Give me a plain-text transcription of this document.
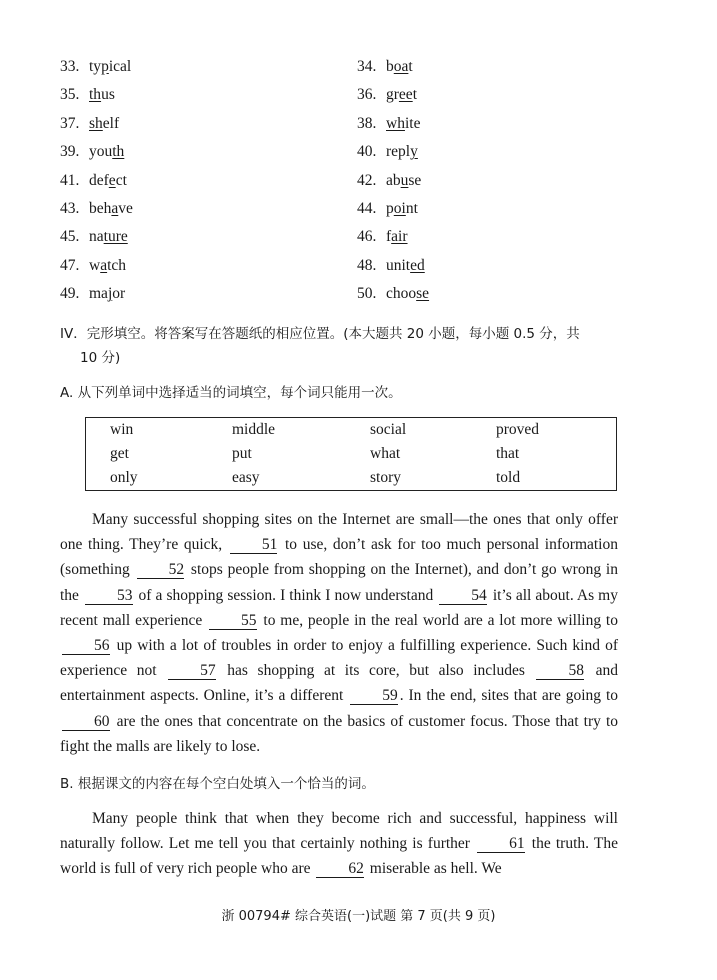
33. typical	34. boat
35. thus	36. greet
37. shelf	38. white
39. youth	40. reply
41. defect	42. abuse
43. behave	44. point
45. nature	46. fair
47. watch	48. united
49. major	50. choose
IV．完形填空。将答案写在答题纸的相应位置。(本大题共 20 小题，每小题 0.5 分，共
10 分)
A. 从下列单词中选择适当的词填空，每个词只能用一次。
win	middle	social	proved
get	put	what	that
only	easy	story	told
Many successful shopping sites on the Internet are small—the ones that only offer one thing. They’re quick, 51 to use, don’t ask for too much personal information (something 52 stops people from shopping on the Internet), and don’t go wrong in the 53 of a shopping session. I think I now understand 54 it’s all about. As my recent mall experience 55 to me, people in the real world are a lot more willing to 56 up with a lot of troubles in order to enjoy a fulfilling experience. Such kind of experience not 57 has shopping at its core, but also includes 58 and entertainment aspects. Online, it’s a different 59 . In the end, sites that are going to 60 are the ones that concentrate on the basics of customer focus. Those that try to fight the malls are likely to lose.
B. 根据课文的内容在每个空白处填入一个恰当的词。
Many people think that when they become rich and successful, happiness will naturally follow. Let me tell you that certainly nothing is further 61 the truth. The world is full of very rich people who are 62 miserable as hell. We
浙 00794# 综合英语(一)试题 第 7 页(共 9 页)
